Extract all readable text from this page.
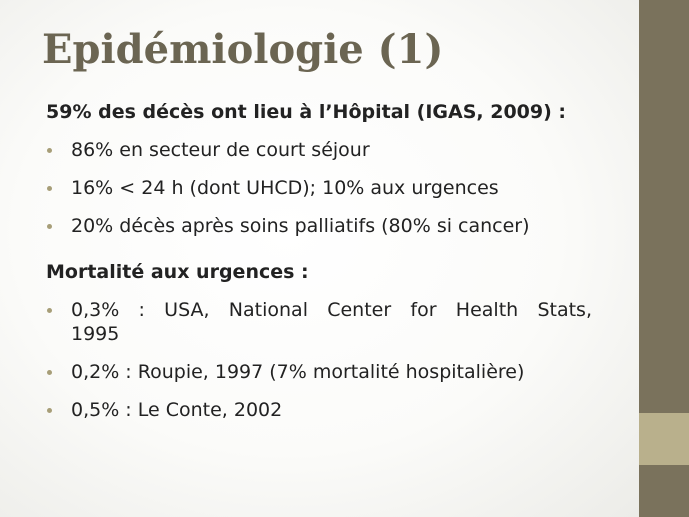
Epidémiologie (1)

59% des décès ont lieu à l’Hôpital (IGAS, 2009) :

86% en secteur de court séjour
16% < 24 h (dont UHCD); 10% aux urgences
20% décès après soins palliatifs (80% si cancer)

Mortalité aux urgences :

0,3% : USA, National Center for Health Stats,
1995
0,2% : Roupie, 1997 (7% mortalité hospitalière)
0,5% : Le Conte, 2002
